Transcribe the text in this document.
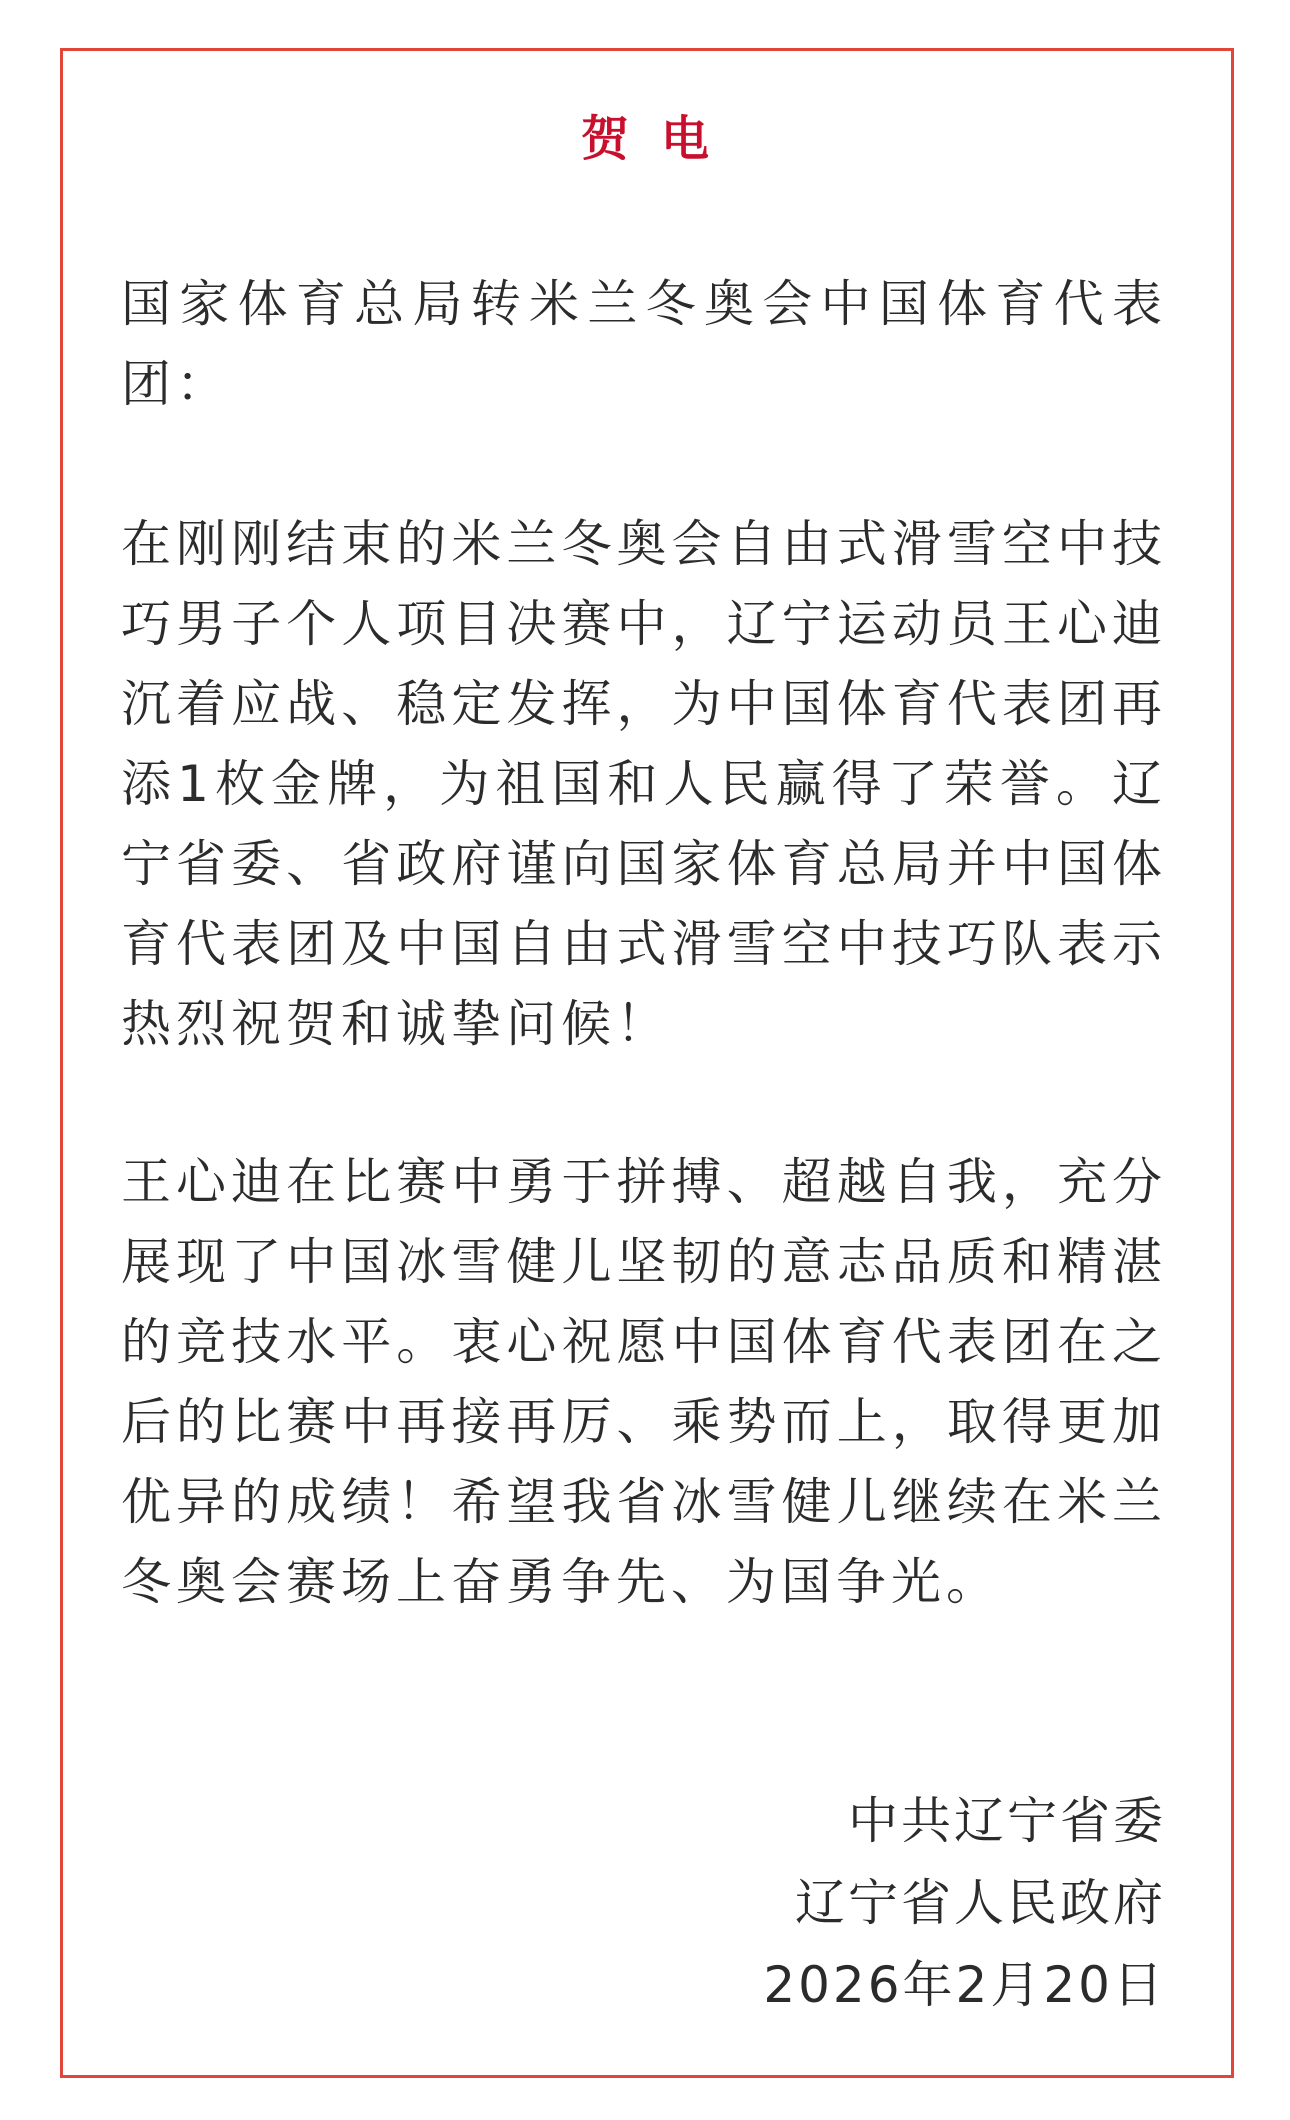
贺电

国家体育总局转米兰冬奥会中国体育代表团：

在刚刚结束的米兰冬奥会自由式滑雪空中技巧男子个人项目决赛中，辽宁运动员王心迪沉着应战、稳定发挥，为中国体育代表团再添1枚金牌，为祖国和人民赢得了荣誉。辽宁省委、省政府谨向国家体育总局并中国体育代表团及中国自由式滑雪空中技巧队表示热烈祝贺和诚挚问候！

王心迪在比赛中勇于拼搏、超越自我，充分展现了中国冰雪健儿坚韧的意志品质和精湛的竞技水平。衷心祝愿中国体育代表团在之后的比赛中再接再厉、乘势而上，取得更加优异的成绩！希望我省冰雪健儿继续在米兰冬奥会赛场上奋勇争先、为国争光。

中共辽宁省委
辽宁省人民政府
2026年2月20日
